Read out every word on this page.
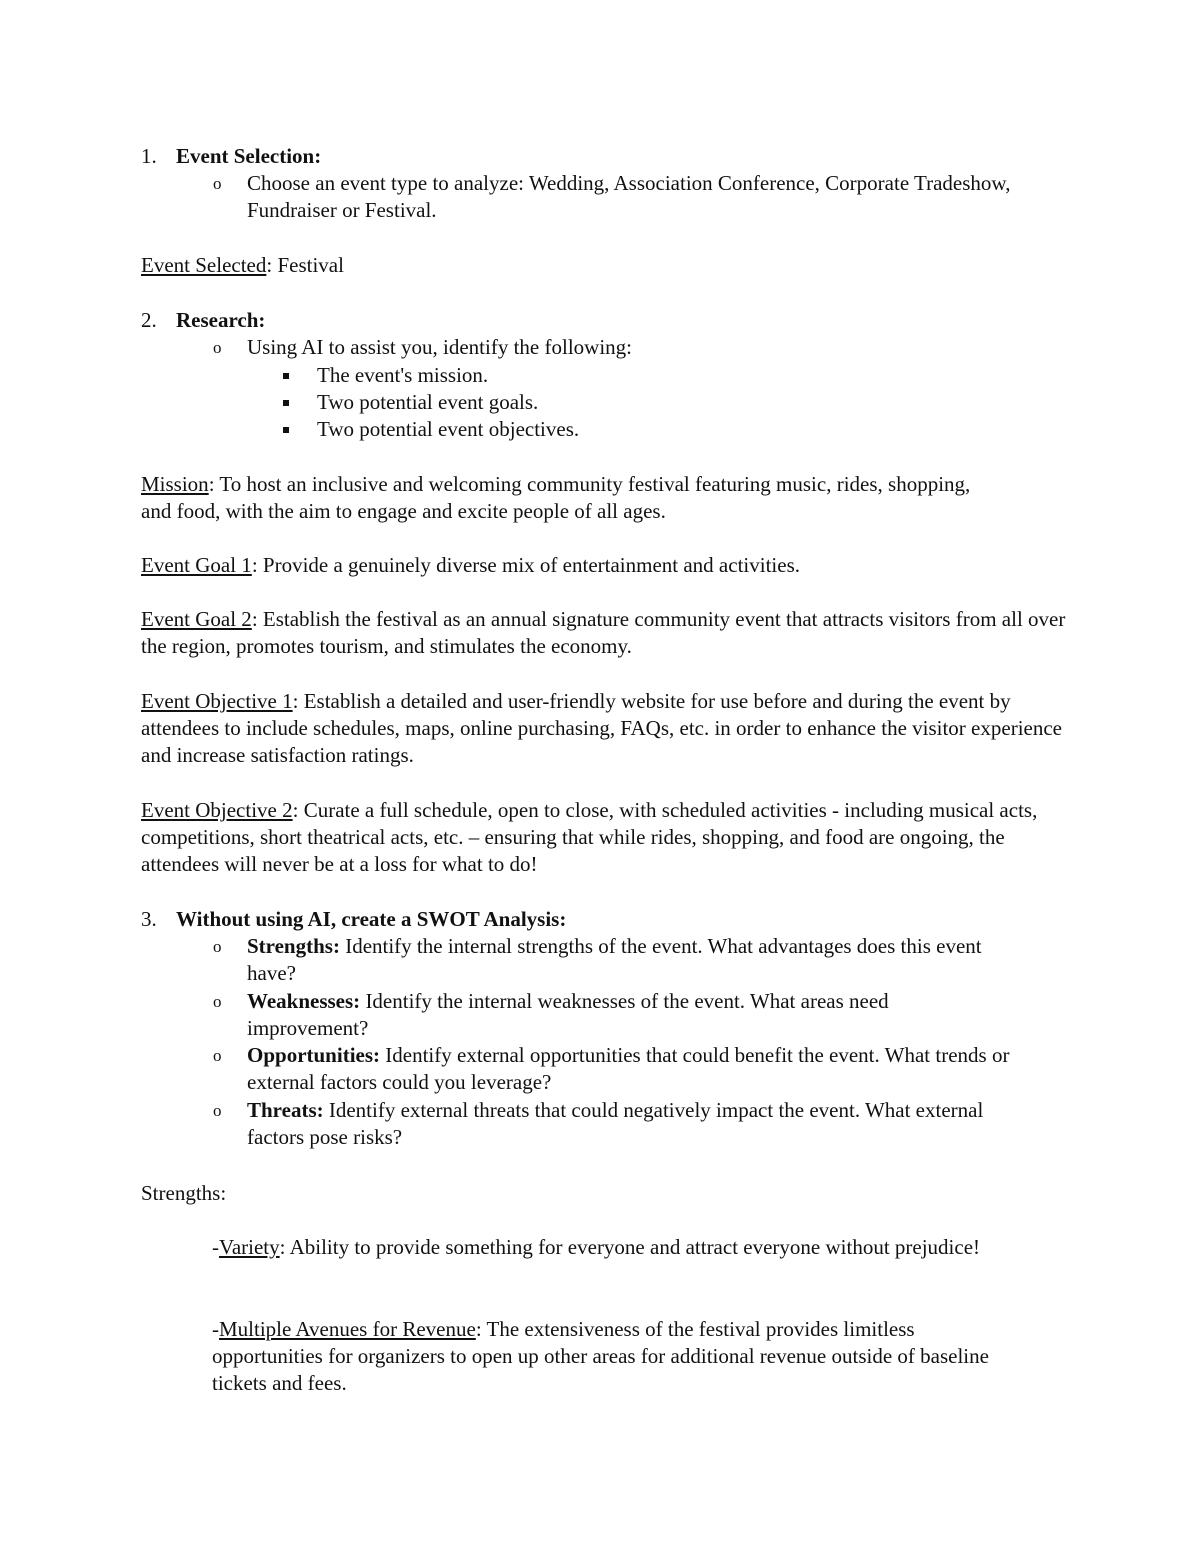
1. Event Selection:
o Choose an event type to analyze: Wedding, Association Conference, Corporate Tradeshow, Fundraiser or Festival.
Event Selected: Festival
2. Research:
o Using AI to assist you, identify the following:
The event's mission.
Two potential event goals.
Two potential event objectives.
Mission: To host an inclusive and welcoming community festival featuring music, rides, shopping, and food, with the aim to engage and excite people of all ages.
Event Goal 1: Provide a genuinely diverse mix of entertainment and activities.
Event Goal 2: Establish the festival as an annual signature community event that attracts visitors from all over the region, promotes tourism, and stimulates the economy.
Event Objective 1: Establish a detailed and user-friendly website for use before and during the event by attendees to include schedules, maps, online purchasing, FAQs, etc. in order to enhance the visitor experience and increase satisfaction ratings.
Event Objective 2: Curate a full schedule, open to close, with scheduled activities - including musical acts, competitions, short theatrical acts, etc. – ensuring that while rides, shopping, and food are ongoing, the attendees will never be at a loss for what to do!
3. Without using AI, create a SWOT Analysis:
o Strengths: Identify the internal strengths of the event. What advantages does this event have?
o Weaknesses: Identify the internal weaknesses of the event. What areas need improvement?
o Opportunities: Identify external opportunities that could benefit the event. What trends or external factors could you leverage?
o Threats: Identify external threats that could negatively impact the event. What external factors pose risks?
Strengths:
-Variety: Ability to provide something for everyone and attract everyone without prejudice!
-Multiple Avenues for Revenue: The extensiveness of the festival provides limitless opportunities for organizers to open up other areas for additional revenue outside of baseline tickets and fees.
